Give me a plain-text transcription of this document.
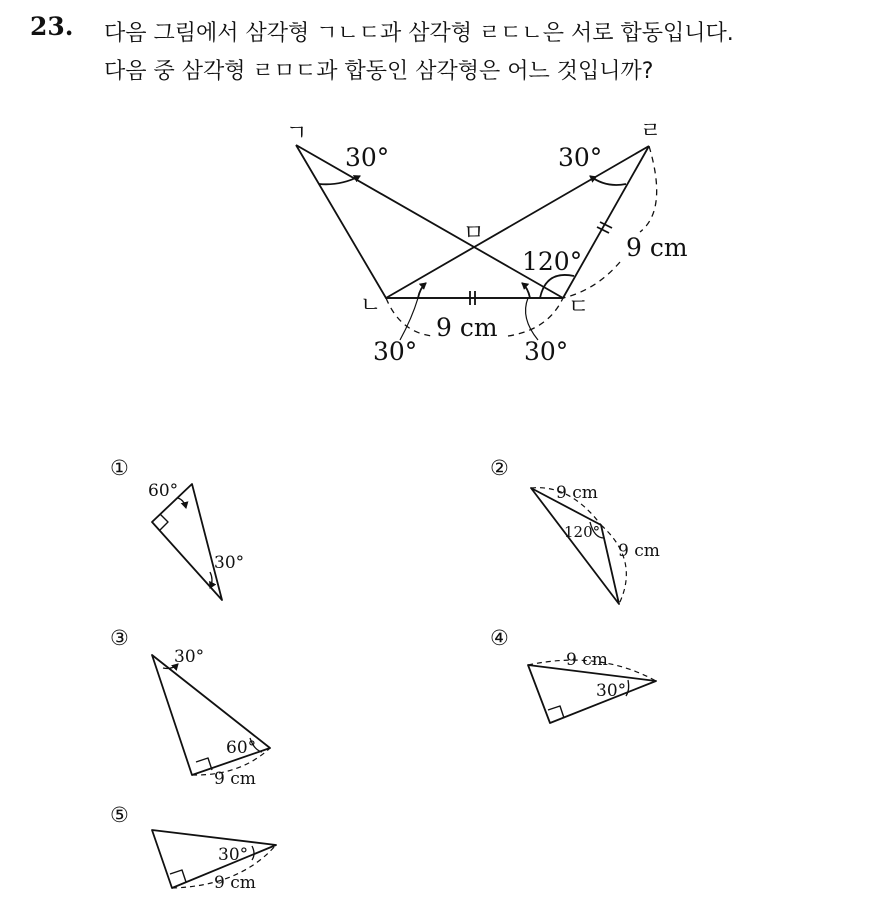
23. 다음 그림에서 삼각형 ㄱㄴㄷ과 삼각형 ㄹㄷㄴ은 서로 합동입니다.
다음 중 삼각형 ㄹㅁㄷ과 합동인 삼각형은 어느 것입니까?
ㄱ
ㄴ	ㄷ
ㄹ
ㅁ
30°	30°
120°
30°	30°
9 cm
9 cm
①
60°
30°
②
9 cm
9 cm
120°
③
30°
60°
9 cm
④
9 cm
30°
⑤
30°
9 cm
